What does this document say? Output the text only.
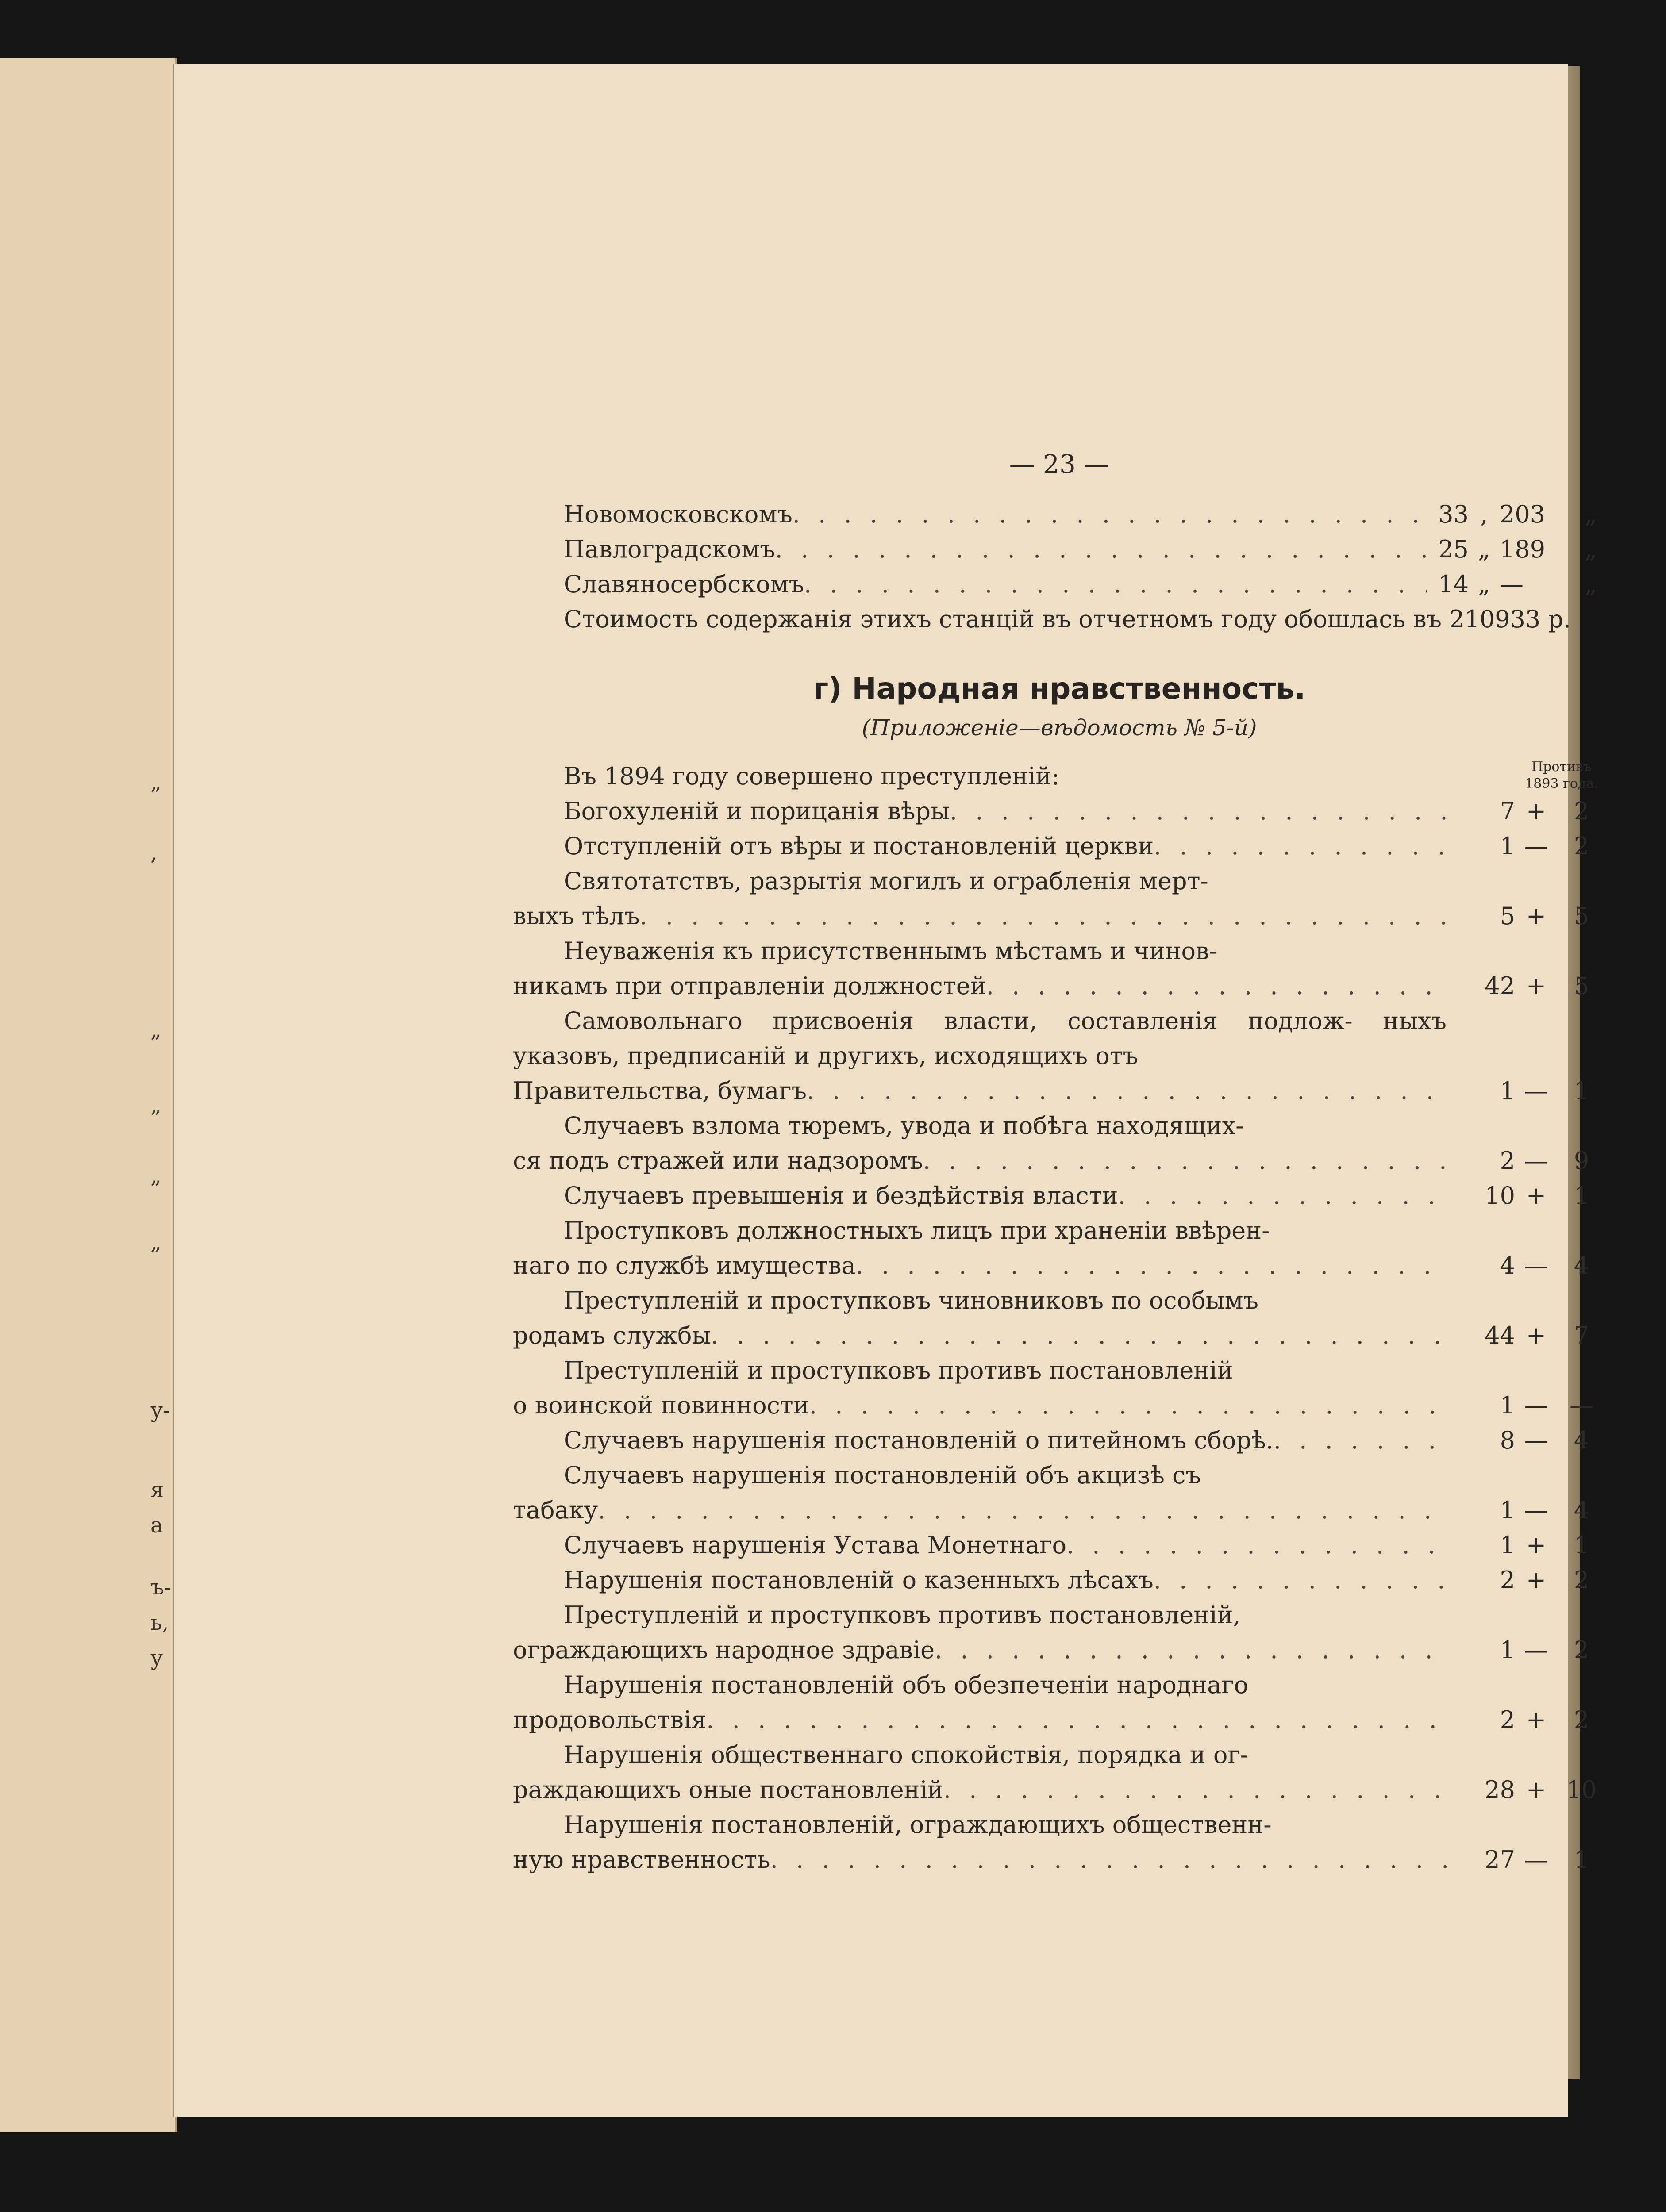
„
,
„
„
„
„
у-
я
а
ъ-
ь,
у
— 23 —
Новомосковскомъ . . .	33 , 203	„
Павлоградскомъ . . .	25 „ 189	„
Славяносербскомъ . . .	14 „ —	„
Стоимость содержанія этихъ станцій въ отчетномъ году обошлась въ 210933 р.
г) Народная нравственность.
(Приложеніе—вѣдомость № 5-й)
Въ 1894 году совершено преступленій:	Противъ
1893 года.
Богохуленій и порицанія вѣры . . .	7 +	2
Отступленій отъ вѣры и постановленій церкви . . .	1 —	2
Святотатствъ, разрытія могилъ и ограбленія мерт-
выхъ тѣлъ . . .	5 +	5
Неуваженія къ присутственнымъ мѣстамъ и чинов-
никамъ при отправленіи должностей . . .	42 +	5
Самовольнаго присвоенія власти, составленія подлож- ныхъ указовъ, предписаній и другихъ, исходящихъ отъ
Правительства, бумагъ . . .	1 —	1
Случаевъ взлома тюремъ, увода и побѣга находящих-
ся подъ стражей или надзоромъ . . .	2 —	9
Случаевъ превышенія и бездѣйствія власти . . .	10 +	1
Проступковъ должностныхъ лицъ при храненіи ввѣрен-
наго по службѣ имущества . . .	4 —	4
Преступленій и проступковъ чиновниковъ по особымъ
родамъ службы . . .	44 +	7
Преступленій и проступковъ противъ постановленій
о воинской повинности . . .	1 — —
Случаевъ нарушенія постановленій о питейномъ сборѣ. . . .	8 —	4
Случаевъ нарушенія постановленій объ акцизѣ съ
табаку . . .	1 —	4
Случаевъ нарушенія Устава Монетнаго . . .	1 +	1
Нарушенія постановленій о казенныхъ лѣсахъ . . .	2 +	2
Преступленій и проступковъ противъ постановленій,
ограждающихъ народное здравіе . . .	1 —	2
Нарушенія постановленій объ обезпеченіи народнаго
продовольствія . . .	2 +	2
Нарушенія общественнаго спокойствія, порядка и ог-
раждающихъ оные постановленій . . .	28 + 10
Нарушенія постановленій, ограждающихъ общественн-
ную нравственность . . .	27 —	1
